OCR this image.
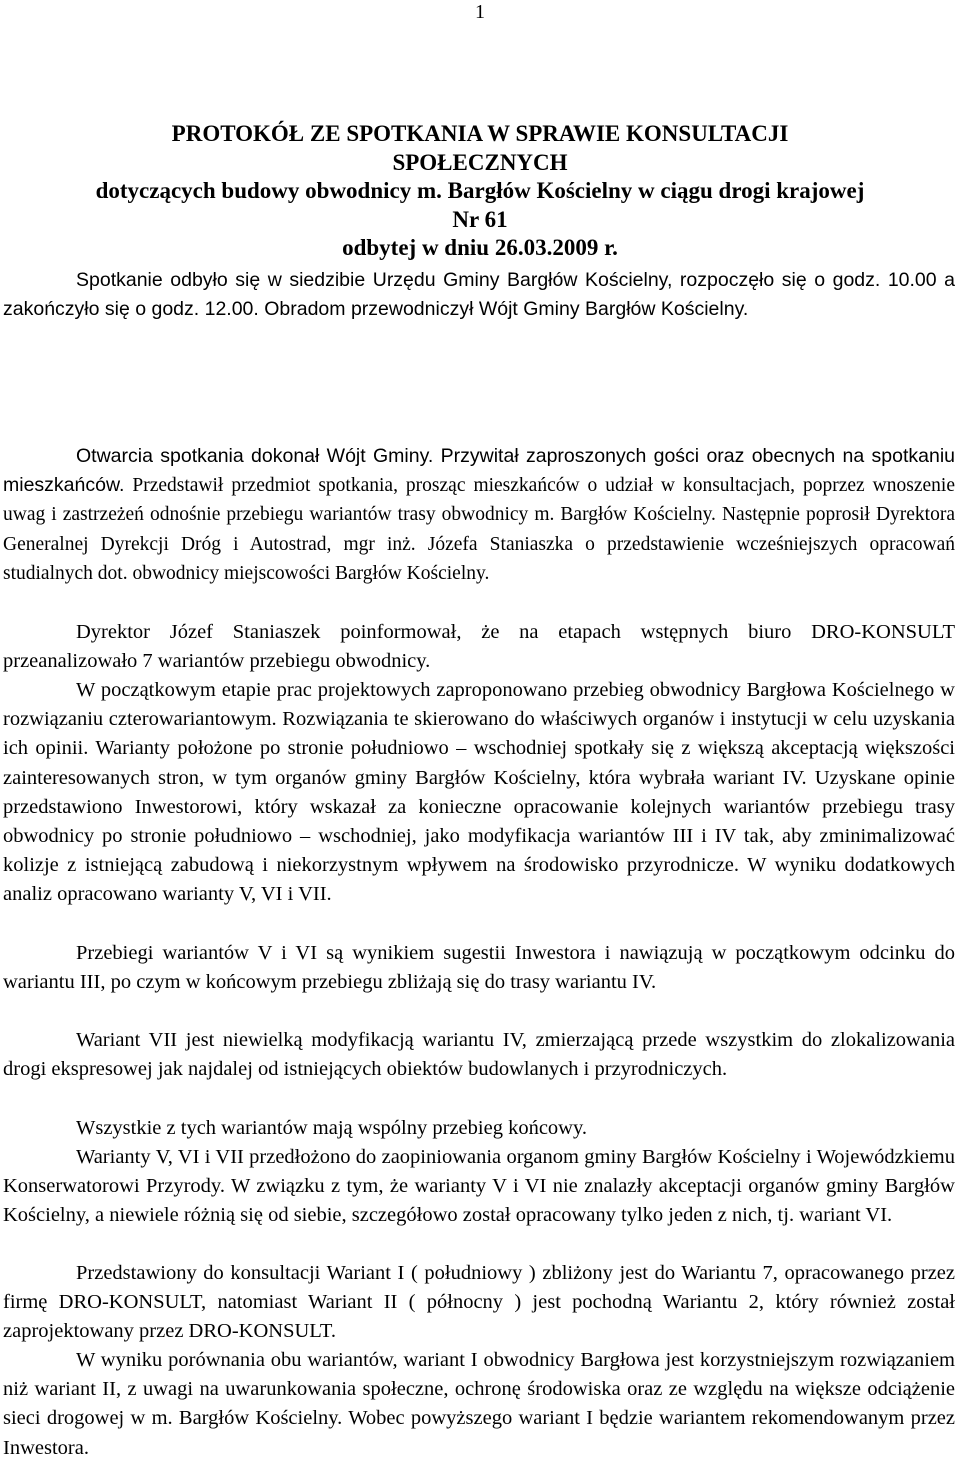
1
PROTOKÓŁ ZE SPOTKANIA W SPRAWIE KONSULTACJI
SPOŁECZNYCH
dotyczących budowy obwodnicy m. Bargłów Kościelny w ciągu drogi krajowej
Nr 61
odbytej w dniu 26.03.2009 r.

Spotkanie odbyło się w siedzibie Urzędu Gminy Bargłów Kościelny, rozpoczęło się o godz. 10.00 a zakończyło się o godz. 12.00. Obradom przewodniczył Wójt Gminy Bargłów Kościelny.

Otwarcia spotkania dokonał Wójt Gminy. Przywitał zaproszonych gości oraz obecnych na spotkaniu mieszkańców. Przedstawił przedmiot spotkania, prosząc mieszkańców o udział w konsultacjach, poprzez wnoszenie uwag i zastrzeżeń odnośnie przebiegu wariantów trasy obwodnicy m. Bargłów Kościelny. Następnie poprosił Dyrektora Generalnej Dyrekcji Dróg i Autostrad, mgr inż. Józefa Staniaszka o przedstawienie wcześniejszych opracowań studialnych dot. obwodnicy miejscowości Bargłów Kościelny.

Dyrektor Józef Staniaszek poinformował, że na etapach wstępnych biuro DRO-KONSULT przeanalizowało 7 wariantów przebiegu obwodnicy.

W początkowym etapie prac projektowych zaproponowano przebieg obwodnicy Bargłowa Kościelnego w rozwiązaniu czterowariantowym. Rozwiązania te skierowano do właściwych organów i instytucji w celu uzyskania ich opinii. Warianty położone po stronie południowo – wschodniej spotkały się z większą akceptacją większości zainteresowanych stron, w tym organów gminy Bargłów Kościelny, która wybrała wariant IV. Uzyskane opinie przedstawiono Inwestorowi, który wskazał za konieczne opracowanie kolejnych wariantów przebiegu trasy obwodnicy po stronie południowo – wschodniej, jako modyfikacja wariantów III i IV tak, aby zminimalizować kolizje z istniejącą zabudową i niekorzystnym wpływem na środowisko przyrodnicze. W wyniku dodatkowych analiz opracowano warianty V, VI i VII.

Przebiegi wariantów V i VI są wynikiem sugestii Inwestora i nawiązują w początkowym odcinku do wariantu III, po czym w końcowym przebiegu zbliżają się do trasy wariantu IV.

Wariant VII jest niewielką modyfikacją wariantu IV, zmierzającą przede wszystkim do zlokalizowania drogi ekspresowej jak najdalej od istniejących obiektów budowlanych i przyrodniczych.

Wszystkie z tych wariantów mają wspólny przebieg końcowy.

Warianty V, VI i VII przedłożono do zaopiniowania organom gminy Bargłów Kościelny i Wojewódzkiemu Konserwatorowi Przyrody. W związku z tym, że warianty V i VI nie znalazły akceptacji organów gminy Bargłów Kościelny, a niewiele różnią się od siebie, szczegółowo został opracowany tylko jeden z nich, tj. wariant VI.

Przedstawiony do konsultacji Wariant I ( południowy ) zbliżony jest do Wariantu 7, opracowanego przez firmę DRO-KONSULT, natomiast Wariant II ( północny ) jest pochodną Wariantu 2, który również został zaprojektowany przez DRO-KONSULT.

W wyniku porównania obu wariantów, wariant I obwodnicy Bargłowa jest korzystniejszym rozwiązaniem niż wariant II, z uwagi na uwarunkowania społeczne, ochronę środowiska oraz ze względu na większe odciążenie sieci drogowej w m. Bargłów Kościelny. Wobec powyższego wariant I będzie wariantem rekomendowanym przez Inwestora.
